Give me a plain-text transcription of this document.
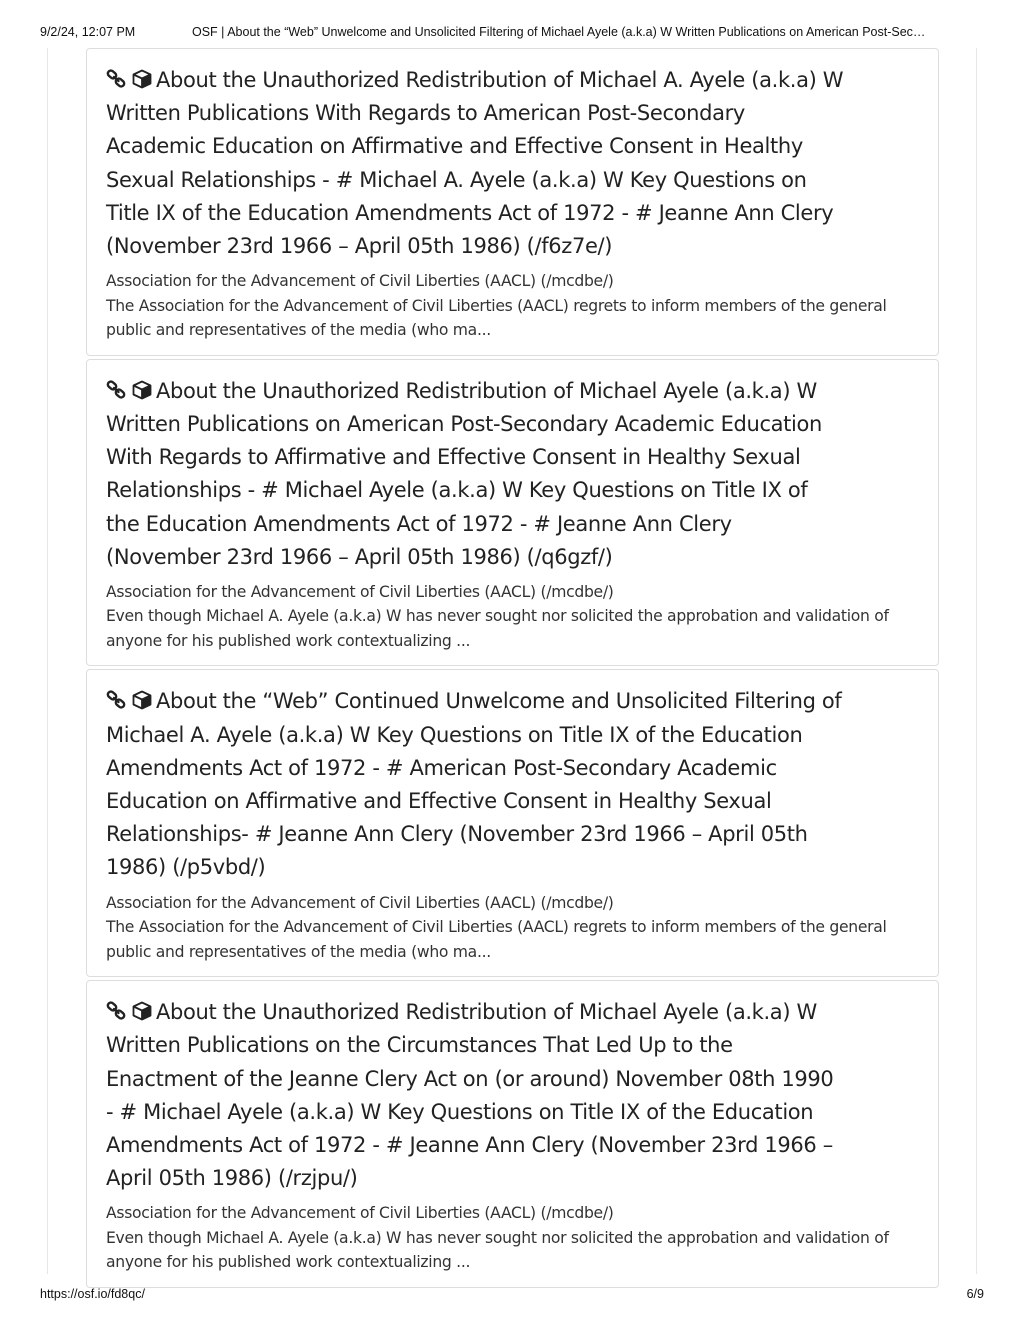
9/2/24, 12:07 PM	OSF | About the “Web” Unwelcome and Unsolicited Filtering of Michael Ayele (a.k.a) W Written Publications on American Post-Sec…
About the Unauthorized Redistribution of Michael A. Ayele (a.k.a) W Written Publications With Regards to American Post-Secondary Academic Education on Affirmative and Effective Consent in Healthy Sexual Relationships - # Michael A. Ayele (a.k.a) W Key Questions on Title IX of the Education Amendments Act of 1972 - # Jeanne Ann Clery (November 23rd 1966 – April 05th 1986) (/f6z7e/)
Association for the Advancement of Civil Liberties (AACL) (/mcdbe/)
The Association for the Advancement of Civil Liberties (AACL) regrets to inform members of the general public and representatives of the media (who ma...
About the Unauthorized Redistribution of Michael Ayele (a.k.a) W Written Publications on American Post-Secondary Academic Education With Regards to Affirmative and Effective Consent in Healthy Sexual Relationships - # Michael Ayele (a.k.a) W Key Questions on Title IX of the Education Amendments Act of 1972 - # Jeanne Ann Clery (November 23rd 1966 – April 05th 1986) (/q6gzf/)
Association for the Advancement of Civil Liberties (AACL) (/mcdbe/)
Even though Michael A. Ayele (a.k.a) W has never sought nor solicited the approbation and validation of anyone for his published work contextualizing ...
About the “Web” Continued Unwelcome and Unsolicited Filtering of Michael A. Ayele (a.k.a) W Key Questions on Title IX of the Education Amendments Act of 1972 - # American Post-Secondary Academic Education on Affirmative and Effective Consent in Healthy Sexual Relationships- # Jeanne Ann Clery (November 23rd 1966 – April 05th 1986) (/p5vbd/)
Association for the Advancement of Civil Liberties (AACL) (/mcdbe/)
The Association for the Advancement of Civil Liberties (AACL) regrets to inform members of the general public and representatives of the media (who ma...
About the Unauthorized Redistribution of Michael Ayele (a.k.a) W Written Publications on the Circumstances That Led Up to the Enactment of the Jeanne Clery Act on (or around) November 08th 1990 - # Michael Ayele (a.k.a) W Key Questions on Title IX of the Education Amendments Act of 1972 - # Jeanne Ann Clery (November 23rd 1966 – April 05th 1986) (/rzjpu/)
Association for the Advancement of Civil Liberties (AACL) (/mcdbe/)
Even though Michael A. Ayele (a.k.a) W has never sought nor solicited the approbation and validation of anyone for his published work contextualizing ...
https://osf.io/fd8qc/	6/9
